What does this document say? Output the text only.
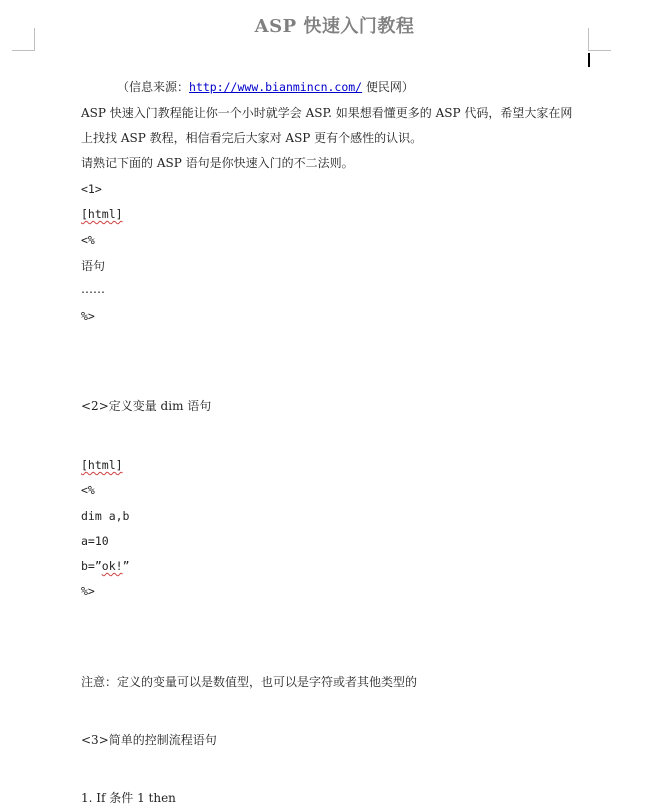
ASP 快速入门教程
（信息来源：http://www.bianmincn.com/ 便民网）
ASP 快速入门教程能让你一个小时就学会 ASP. 如果想看懂更多的 ASP 代码，希望大家在网
上找找 ASP 教程，相信看完后大家对 ASP 更有个感性的认识。
请熟记下面的 ASP 语句是你快速入门的不二法则。
<1>
[html]
<%
语句
……
%>
<2>定义变量 dim 语句
[html]
<%
dim a,b
a=10
b=”ok!”
%>
注意：定义的变量可以是数值型，也可以是字符或者其他类型的
<3>简单的控制流程语句
1. If 条件 1 then
